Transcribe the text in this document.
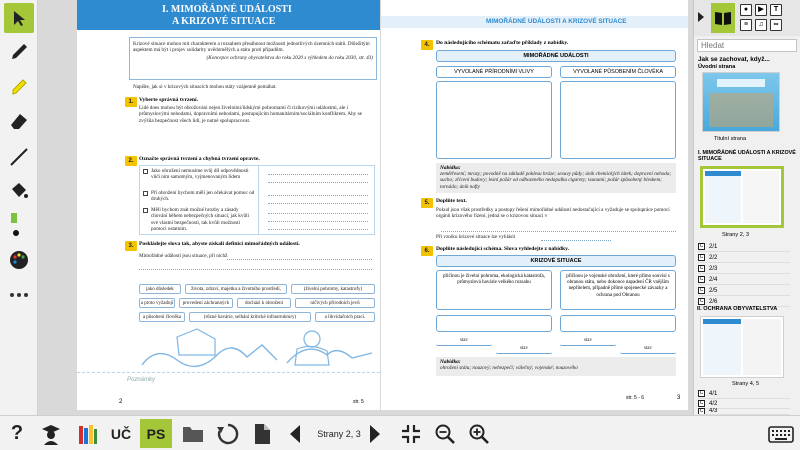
I. MIMOŘÁDNÉ UDÁLOSTI
A KRIZOVÉ SITUACE
Krizové situace mohou mít charakterem a rozsahem přesáhnout možnosti jednotlivých územních států. Důležitým aspektem má být i projev solidarity uvědomělých a státu proti případům.
(Koncepce ochrany obyvatelstva do roku 2020 s výhledem do roku 2030, str. 43)
Napište, jak si v krizových situacích mohou státy vzájemně pomáhat.
1. Vyberte správná tvrzení.
Lidé dnes mohou být ohrožováni nejen živelními/lidskými pohromami či rizikovými událostmi, ale i průmyslovými nehodami, dopravními nehodami, postupujícím humanitárním/sociálním konfliktem. Aby se zvýšila bezpečnost všech lidí, je nutné spolupracovat.
2. Označte správná tvrzení a chybná tvrzení opravte.
Jako ohrožení nemusíme svůj díl odpovědnosti vůči ním samotným, vyjmenovaným lidem
Při ohrožení bychom měli jen očekávat pomoc od druhých.
Měli bychom znát možné hrozby a zásady chování během nebezpečných situací, jak kvůli své vlastní bezpečnosti, tak kvůli možnosti pomoci ostatním.
3. Poskládejte slova tak, abyste získali definici mimořádných událostí.
Mimořádné události jsou situace, při nichž
jako důsledek	života, zdraví, majetku a životního prostředí,	(živelní pohromy, katastrofy)
a proto vyžadují	provedení záchranných	dochází k ohrožení	ničivých přírodních jevů
a působení člověka	(různé havárie, selhání kritické infrastruktury)	a likvidačních prací.
Poznámky
2	str. 5
MIMOŘÁDNÉ UDÁLOSTI A KRIZOVÉ SITUACE
4.	Do následujícího schématu zařaďte příklady z nabídky.
MIMOŘÁDNÉ UDÁLOSTI
VYVOLANÉ PŘÍRODNÍMI VLIVY	VYVOLANÉ PŮSOBENÍM ČLOVĚKA
Nabídka:
zemětřesení; mrazy; povodně na základě poklesu hráze; sesuvy půdy; únik chemických látek; dopravní nehoda; sucho; zřícení budovy; lesní požár od odhozeného nedopalku cigarety; tsunami; požár způsobený bleskem; tornádo; únik nafty
5.	Doplňte text.
Pokud jsou však prostředky a postupy řešení mimořádné události nedostačující a vyžaduje se spolupráce pomocí orgánů krizového řízení, jedná se o krizovou situaci v
Při vzniku krizové situace lze vyhlásit
6.	Doplňte následující schéma. Slova vyhledejte z nabídky.
KRIZOVÉ SITUACE
přičinou je živelní pohroma, ekologická katastrofa, průmyslová havárie velkého rozsahu
přičinou je vojenské ohrožení, které přímo souvisí s obranou státu, nebo dokonce napadení ČR vnějším nepřítelem, případně přímé spojenecké závazky a ochrana pod Obranou
stav
stav
stav
stav
Nabídka:
ohrožení státu; nouzový; nebezpečí; válečný; vojenské; nouzového
str. 5 - 6	3
●	▶	T
≡	♫	∞
Hledat
Jak se zachovat, když...
Úvodní strana
Titulní strana
I. MIMOŘÁDNÉ UDÁLOSTI A KRIZOVÉ SITUACE
Strany 2, 3
C 2/1
C 2/2
C 2/3
C 2/4
C 2/5
C 2/6
II. OCHRANA OBYVATELSTVA
Strany 4, 5
C 4/1
C 4/2
C 4/3
?	UČ	PS	Strany 2, 3
